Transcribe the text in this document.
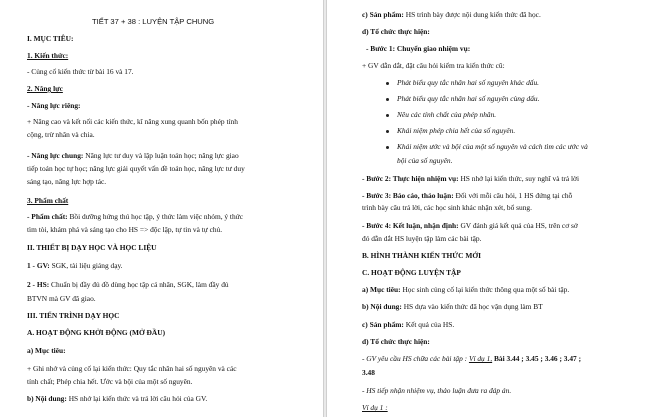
TIẾT 37 + 38 : LUYỆN TẬP CHUNG
I. MỤC TIÊU:
1. Kiến thức:
- Củng cố kiến thức từ bài 16 và 17.
2. Năng lực
- Năng lực riêng:
+ Nâng cao và kết nối các kiến thức, kĩ năng xung quanh bốn phép tính
cộng, trừ nhân và chia.
- Năng lực chung: Năng lực tư duy và lập luận toán học; năng lực giao
tiếp toán học tự học; năng lực giải quyết vấn đề toán học, năng lực tư duy
sáng tạo, năng lực hợp tác.
3. Phẩm chất
- Phẩm chất: Bồi dưỡng hứng thú học tập, ý thức làm việc nhóm, ý thức
tìm tòi, khám phá và sáng tạo cho HS => độc lập, tự tin và tự chủ.
II. THIẾT BỊ DẠY HỌC VÀ HỌC LIỆU
1 - GV: SGK, tài liệu giảng dạy.
2 - HS: Chuẩn bị đầy đủ đồ dùng học tập cá nhân, SGK, làm đầy đủ
BTVN mà GV đã giao.
III. TIẾN TRÌNH DẠY HỌC
A. HOẠT ĐỘNG KHỞI ĐỘNG (MỞ ĐẦU)
a) Mục tiêu:
+ Ghi nhớ và củng cố lại kiến thức: Quy tắc nhân hai số nguyên và các
tính chất; Phép chia hết. Ước và bội của một số nguyên.
b) Nội dung: HS nhớ lại kiến thức và trả lời câu hỏi của GV.
c) Sản phẩm: HS trình bày được nội dung kiến thức đã học.
d) Tổ chức thực hiện:
- Bước 1: Chuyển giao nhiệm vụ:
+ GV dẫn dắt, đặt câu hỏi kiểm tra kiến thức cũ:
Phát biểu quy tắc nhân hai số nguyên khác dấu.
Phát biểu quy tắc nhân hai số nguyên cùng dấu.
Nêu các tính chất của phép nhân.
Khái niệm phép chia hết của số nguyên.
Khái niệm ước và bội của một số nguyên và cách tìm các ước và
bội của số nguyên.
- Bước 2: Thực hiện nhiệm vụ: HS nhớ lại kiến thức, suy nghĩ và trả lời
- Bước 3: Báo cáo, thảo luận: Đối với mỗi câu hỏi, 1 HS đứng tại chỗ
trình bày câu trả lời, các học sinh khác nhận xét, bổ sung.
- Bước 4: Kết luận, nhận định: GV đánh giá kết quả của HS, trên cơ sở
đó dẫn dắt HS luyện tập làm các bài tập.
B. HÌNH THÀNH KIẾN THỨC MỚI
C. HOẠT ĐỘNG LUYỆN TẬP
a) Mục tiêu: Học sinh củng cố lại kiến thức thông qua một số bài tập.
b) Nội dung: HS dựa vào kiến thức đã học vận dụng làm BT
c) Sản phẩm: Kết quả của HS.
d) Tổ chức thực hiện:
- GV yêu cầu HS chữa các bài tập : Ví dụ 1, Bài 3.44 ; 3.45 ; 3.46 ; 3.47 ;
3.48
- HS tiếp nhận nhiệm vụ, thảo luận đưa ra đáp án.
Ví dụ 1 :
